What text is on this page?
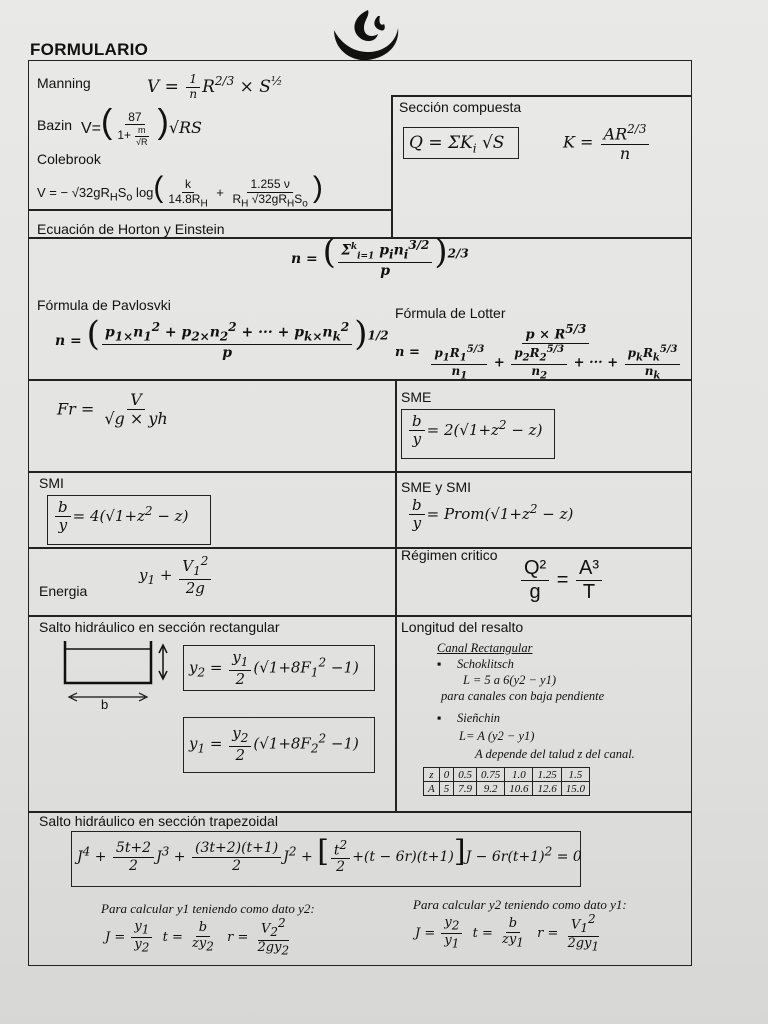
FORMULARIO
Manning	$V = \frac{1}{n} R^{2/3} \times S^{\frac{1}{2}}$
Bazin $V=( \frac{87}{1+ \frac{m}{√R}} )√RS$
Colebrook
V = − $√32gR_HS_o$ $\log( \frac{k}{14.8R_H} + \frac{1.255 \nu}{R_H √32gR_HS_o}$ )
Sección compuesta
$Q = \Sigma K_i$ √S	$K = \frac{AR^{2/3}}{n}$
Ecuación de Horton y Einstein
n = ( $\frac{\Sigma^k_{i=1} p_in_i^{3/2}}{p} )^{2/3}$
Fórmula de Pavlosvki
n = ( $\frac{p_{1\times}n_1^2 + p_{2\times}n_2^2 + \cdot\cdot\cdot + p_{k\times}n_k^2}{p} )^{1/2}$
Fórmula de Lotter
$n = \frac{p \times R^{5/3}}{\frac{p_1R_1^{5/3}}{n_1} + \frac{p_2R_2^{5/3}}{n_2} + \cdot\cdot\cdot + \frac{p_kR_k^{5/3}}{n_k}}$
$Fr = \frac{V}{√g \times yh}$	SME
$\frac{b}{y} = 2(√1+z^2 - z)$
SMI
$\frac{b}{y} = 4(√1+z^2 - z)$
SME y SMI
$\frac{b}{y}$ = $Prom(√1+z^2 - z)$
$y_1 + \frac{V_1^2}{2g}$
Energia
Régimen critico
$\frac{\text{Q²}}{g} = \frac{\text{A³}}{T}$
Salto hidráulico en sección rectangular
b
$y_2 = \frac{y_1}{2} (√1+8F_1^2 -1)$
$y_1 = \frac{y_2}{2} (√1+8F_2^2 -1)$
Longitud del resalto
Canal Rectangular
▪ Schoklitsch
L = 5 a 6(y2 − y1)
para canales con baja pendiente
▪ Sieñchin
L= A (y2 − y1)
A depende del talud z del canal.
z	0	0.5	0.75	1.0	1.25	1.5
A	5	7.9	9.2	10.6	12.6	15.0
Salto hidráulico en sección trapezoidal
$J^4 + \frac{5t+2}{2} J^3 + \frac{(3t+2)(t+1)}{2} J^2$ + [ $\frac{t^2}{2} +(t - 6r)(t+1)]J - 6r(t+1)^2 = 0$
Para calcular y1 teniendo como dato y2:	Para calcular y2 teniendo como dato y1:
$J = \frac{y_1}{y_2}$ $t = \frac{b}{zy_2}$ $r = \frac{V_2^2}{2gy_2}$	$J = \frac{y_2}{y_1}$ $t = \frac{b}{zy_1}$ $r = \frac{V_1^2}{2gy_1}$
